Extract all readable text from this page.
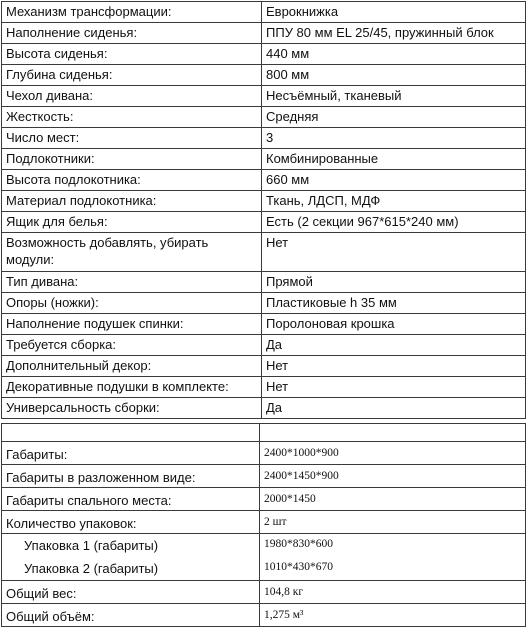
Механизм трансформации:	Еврокнижка
Наполнение сиденья:	ППУ 80 мм EL 25/45, пружинный блок
Высота сиденья:	440 мм
Глубина сиденья:	800 мм
Чехол дивана:	Несъёмный, тканевый
Жесткость:	Средняя
Число мест:	3
Подлокотники:	Комбинированные
Высота подлокотника:	660 мм
Материал подлокотника:	Ткань, ЛДСП, МДФ
Ящик для белья:	Есть (2 секции 967*615*240 мм)
Возможность добавлять, убирать модули:	Нет
Тип дивана:	Прямой
Опоры (ножки):	Пластиковые h 35 мм
Наполнение подушек спинки:	Поролоновая крошка
Требуется сборка:	Да
Дополнительный декор:	Нет
Декоративные подушки в комплекте:	Нет
Универсальность сборки:	Да

Габариты:	2400*1000*900
Габариты в разложенном виде:	2400*1450*900
Габариты спального места:	2000*1450
Количество упаковок:	2 шт
Упаковка 1 (габариты)	1980*830*600
Упаковка 2 (габариты)	1010*430*670
Общий вес:	104,8 кг
Общий объём:	1,275 м³
